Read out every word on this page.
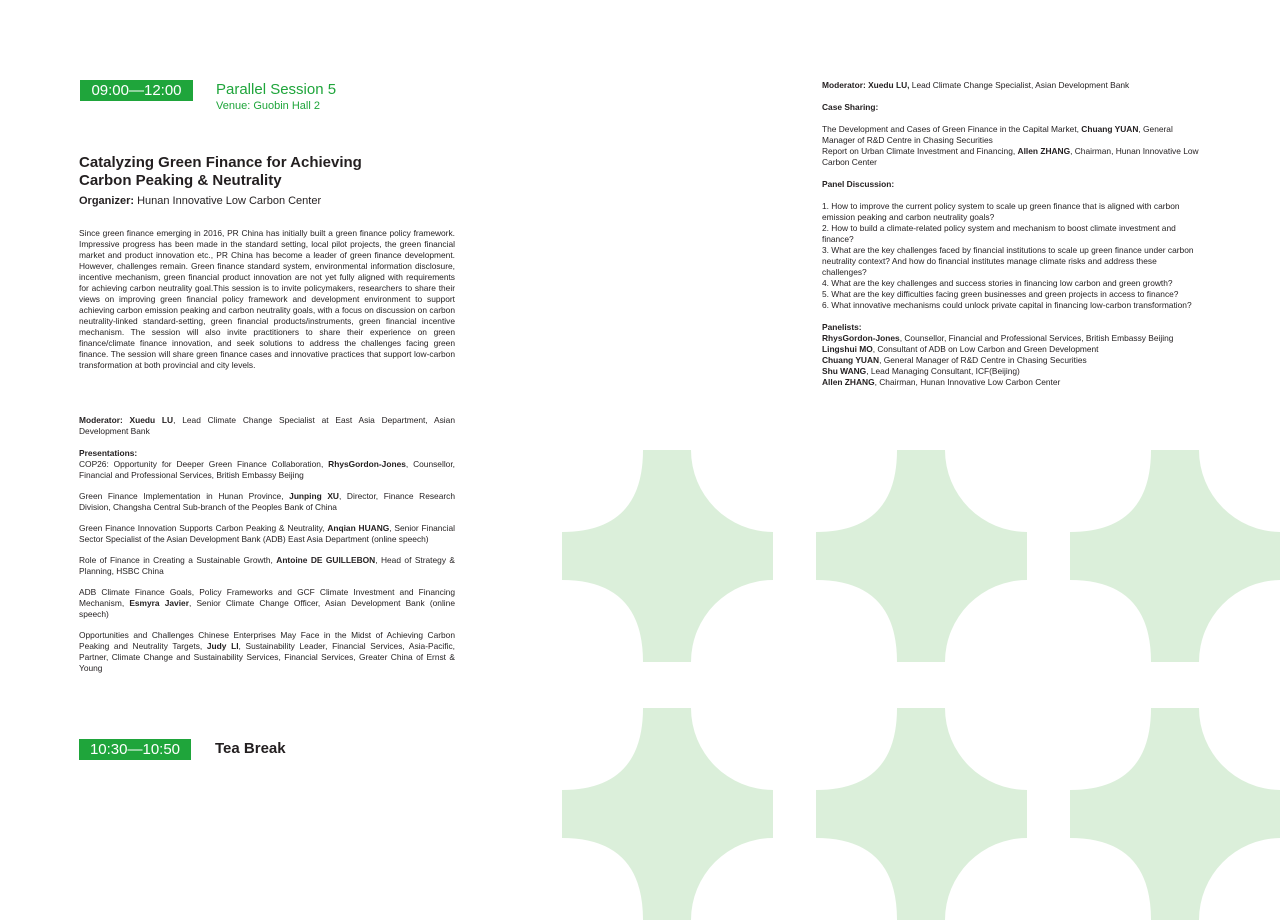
09:00—12:00 Parallel Session 5
Venue: Guobin Hall 2
Catalyzing Green Finance for Achieving
Carbon Peaking & Neutrality
Organizer: Hunan Innovative Low Carbon Center
Since green finance emerging in 2016, PR China has initially built a green finance policy framework. Impressive progress has been made in the standard setting, local pilot projects, the green financial market and product innovation etc., PR China has become a leader of green finance development. However, challenges remain. Green finance standard system, environmental information disclosure, incentive mechanism, green financial product innovation are not yet fully aligned with requirements for achieving carbon neutrality goal.This session is to invite policymakers, researchers to share their views on improving green financial policy framework and development environment to support achieving carbon emission peaking and carbon neutrality goals, with a focus on discussion on carbon neutrality-linked standard-setting, green financial products/instruments, green financial incentive mechanism. The session will also invite practitioners to share their experience on green finance/climate finance innovation, and seek solutions to address the challenges facing green finance. The session will share green finance cases and innovative practices that support low-carbon transformation at both provincial and city levels.
Moderator: Xuedu LU, Lead Climate Change Specialist at East Asia Department, Asian Development Bank
Presentations:
COP26: Opportunity for Deeper Green Finance Collaboration, RhysGordon-Jones, Counsellor, Financial and Professional Services, British Embassy Beijing
Green Finance Implementation in Hunan Province, Junping XU, Director, Finance Research Division, Changsha Central Sub-branch of the Peoples Bank of China
Green Finance Innovation Supports Carbon Peaking & Neutrality, Anqian HUANG, Senior Financial Sector Specialist of the Asian Development Bank (ADB) East Asia Department (online speech)
Role of Finance in Creating a Sustainable Growth, Antoine DE GUILLEBON, Head of Strategy & Planning, HSBC China
ADB Climate Finance Goals, Policy Frameworks and GCF Climate Investment and Financing Mechanism, Esmyra Javier, Senior Climate Change Officer, Asian Development Bank (online speech)
Opportunities and Challenges Chinese Enterprises May Face in the Midst of Achieving Carbon Peaking and Neutrality Targets, Judy LI, Sustainability Leader, Financial Services, Asia-Pacific, Partner, Climate Change and Sustainability Services, Financial Services, Greater China of Ernst & Young
10:30—10:50 Tea Break
Moderator: Xuedu LU, Lead Climate Change Specialist, Asian Development Bank
Case Sharing:
The Development and Cases of Green Finance in the Capital Market, Chuang YUAN, General Manager of R&D Centre in Chasing Securities
Report on Urban Climate Investment and Financing, Allen ZHANG, Chairman, Hunan Innovative Low Carbon Center
Panel Discussion:
1. How to improve the current policy system to scale up green finance that is aligned with carbon emission peaking and carbon neutrality goals?
2. How to build a climate-related policy system and mechanism to boost climate investment and finance?
3. What are the key challenges faced by financial institutions to scale up green finance under carbon neutrality context? And how do financial institutes manage climate risks and address these challenges?
4. What are the key challenges and success stories in financing low carbon and green growth?
5. What are the key difficulties facing green businesses and green projects in access to finance?
6. What innovative mechanisms could unlock private capital in financing low-carbon transformation?
Panelists:
RhysGordon-Jones, Counsellor, Financial and Professional Services, British Embassy Beijing
Lingshui MO, Consultant of ADB on Low Carbon and Green Development
Chuang YUAN, General Manager of R&D Centre in Chasing Securities
Shu WANG, Lead Managing Consultant, ICF(Beijing)
Allen ZHANG, Chairman, Hunan Innovative Low Carbon Center
